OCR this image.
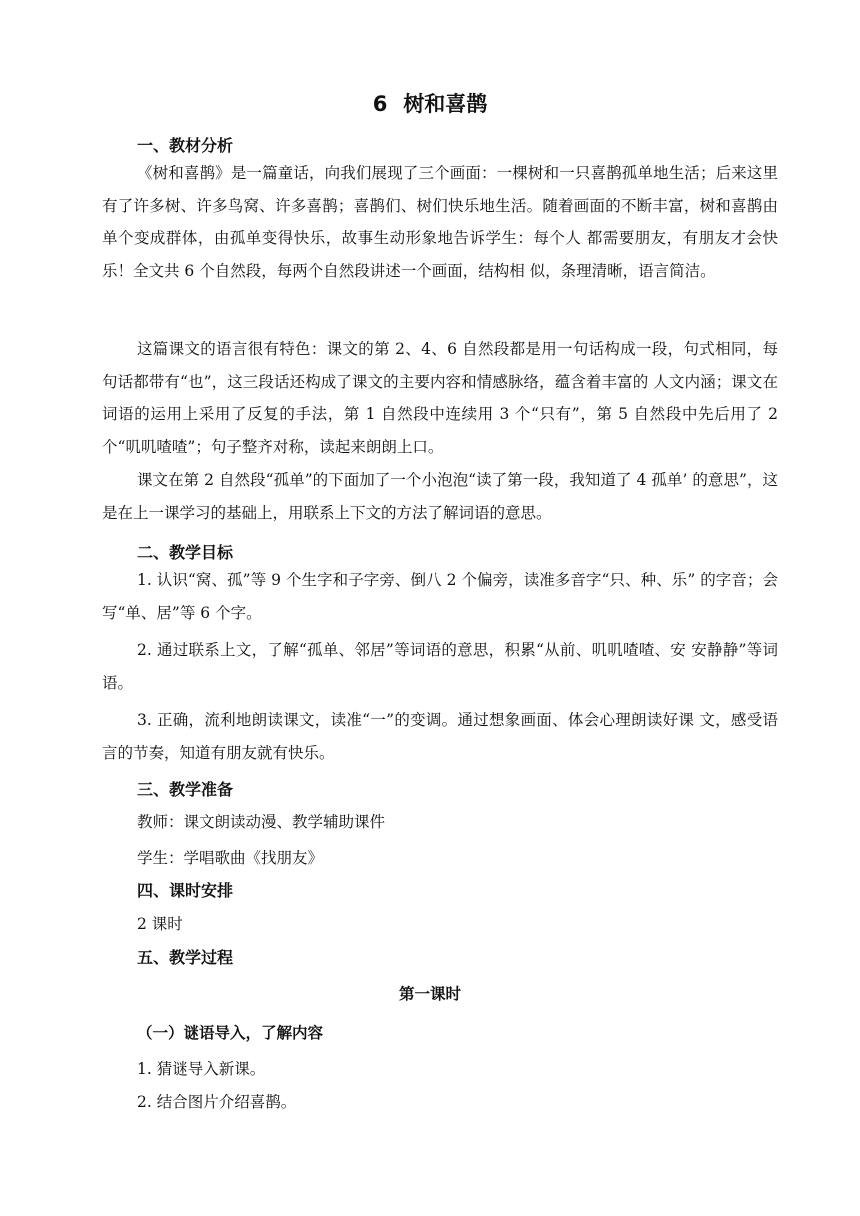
6 树和喜鹊
一、教材分析

《树和喜鹊》是一篇童话，向我们展现了三个画面：一棵树和一只喜鹊孤单地生活；后来这里有了许多树、许多鸟窝、许多喜鹊；喜鹊们、树们快乐地生活。随着画面的不断丰富，树和喜鹊由单个变成群体，由孤单变得快乐，故事生动形象地告诉学生：每个人 都需要朋友，有朋友才会快乐！全文共 6 个自然段，每两个自然段讲述一个画面，结构相 似，条理清晰，语言简洁。

这篇课文的语言很有特色：课文的第 2、4、6 自然段都是用一句话构成一段，句式相同，每句话都带有“也”，这三段话还构成了课文的主要内容和情感脉络，蕴含着丰富的 人文内涵；课文在词语的运用上采用了反复的手法，第 1 自然段中连续用 3 个“只有”，第 5 自然段中先后用了 2 个“叽叽喳喳”；句子整齐对称，读起来朗朗上口。

课文在第 2 自然段“孤单”的下面加了一个小泡泡“读了第一段，我知道了 4 孤单’ 的意思”，这是在上一课学习的基础上，用联系上下文的方法了解词语的意思。

二、教学目标

1. 认识“窝、孤”等 9 个生字和子字旁、倒八 2 个偏旁，读准多音字“只、种、乐” 的字音；会写“单、居”等 6 个字。

2. 通过联系上文，了解“孤单、邻居”等词语的意思，积累“从前、叽叽喳喳、安 安静静”等词语。

3. 正确，流利地朗读课文，读准“一”的变调。通过想象画面、体会心理朗读好课 文，感受语言的节奏，知道有朋友就有快乐。

三、教学准备
教师：课文朗读动漫、教学辅助课件
学生：学唱歌曲《找朋友》
四、课时安排
2 课时
五、教学过程
第一课时
（一）谜语导入，了解内容
1. 猜谜导入新课。
2. 结合图片介绍喜鹊。
